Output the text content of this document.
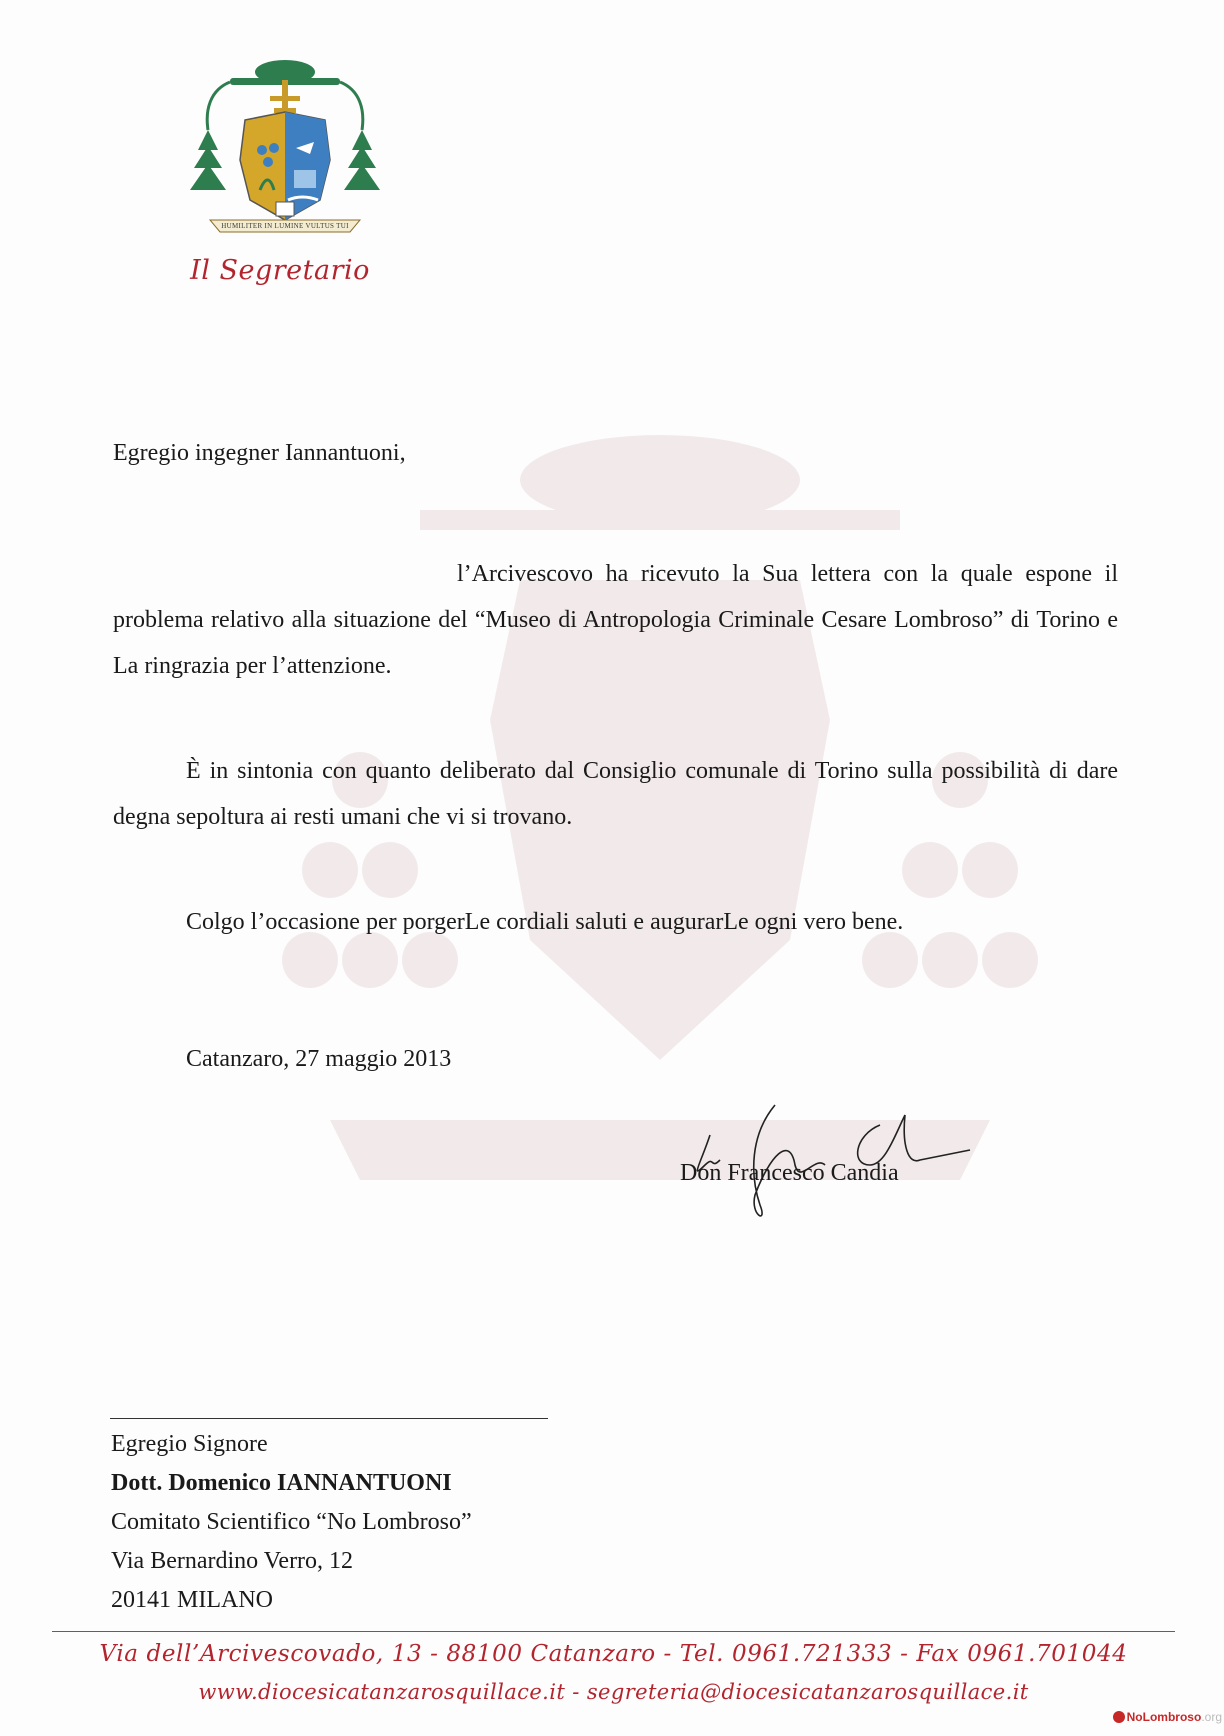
HUMILITER IN LUMINE VULTUS TUI
Il Segretario
Egregio ingegner Iannantuoni,
l’Arcivescovo ha ricevuto la Sua lettera con la quale espone il problema relativo alla situazione del “Museo di Antropologia Criminale Cesare Lombroso” di Torino e La ringrazia per l’attenzione.
È in sintonia con quanto deliberato dal Consiglio comunale di Torino sulla possibilità di dare degna sepoltura ai resti umani che vi si trovano.
Colgo l’occasione per porgerLe cordiali saluti e augurarLe ogni vero bene.
Catanzaro, 27 maggio 2013
Don Francesco Candia
Egregio Signore
Dott. Domenico IANNANTUONI
Comitato Scientifico “No Lombroso”
Via Bernardino Verro, 12
20141 MILANO
Via dell’Arcivescovado, 13 - 88100 Catanzaro - Tel. 0961.721333 - Fax 0961.701044
www.diocesicatanzarosquillace.it - segreteria@diocesicatanzarosquillace.it
NoLombroso.org
